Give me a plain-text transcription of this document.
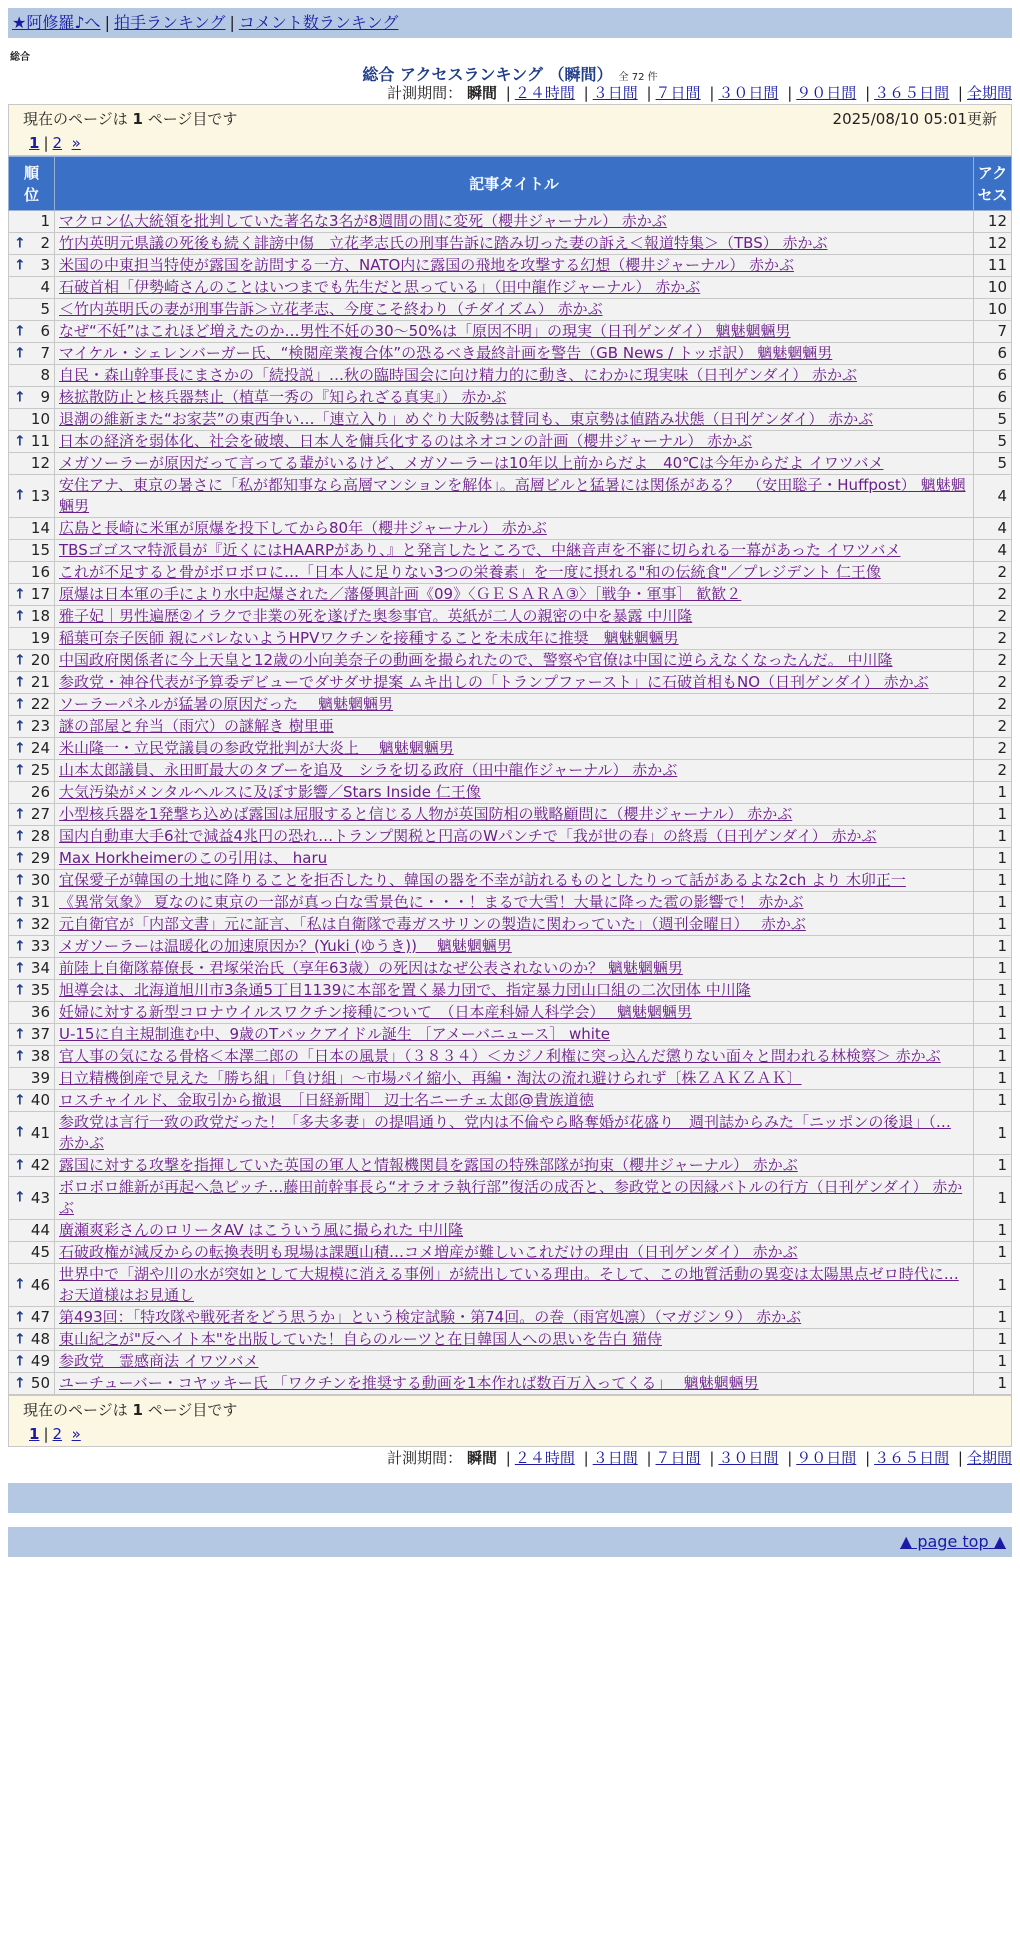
★阿修羅♪へ | 拍手ランキング | コメント数ランキング
総合
総合 アクセスランキング （瞬間） 全 72 件
計測期間： 瞬間 | ２４時間 | ３日間 | ７日間 | ３０日間 | ９０日間 | ３６５日間 | 全期間
現在のページは 1 ページ目です	2025/08/10 05:01更新
1 | 2 »
順位	記事タイトル	アクセス
1	マクロン仏大統領を批判していた著名な3名が8週間の間に変死（櫻井ジャーナル） 赤かぶ	12

↑ 2	竹内英明元県議の死後も続く誹謗中傷　立花孝志氏の刑事告訴に踏み切った妻の訴え＜報道特集＞（TBS） 赤かぶ	12

↑ 3	米国の中東担当特使が露国を訪問する一方、NATO内に露国の飛地を攻撃する幻想（櫻井ジャーナル） 赤かぶ	11
4	石破首相「伊勢崎さんのことはいつまでも先生だと思っている」（田中龍作ジャーナル） 赤かぶ	10
5	＜竹内英明氏の妻が刑事告訴＞立花孝志、今度こそ終わり（チダイズム） 赤かぶ	10

↑ 6	なぜ“不妊”はこれほど増えたのか…男性不妊の30〜50%は「原因不明」の現実（日刊ゲンダイ） 魑魅魍魎男	7

↑ 7	マイケル・シェレンバーガー氏、“検閲産業複合体”の恐るべき最終計画を警告（GB News / トッポ訳） 魑魅魍魎男	6
8	自民・森山幹事長にまさかの「続投説」…秋の臨時国会に向け精力的に動き、にわかに現実味（日刊ゲンダイ） 赤かぶ	6

↑ 9	核拡散防止と核兵器禁止（植草一秀の『知られざる真実』） 赤かぶ	6
10	退潮の維新また“お家芸”の東西争い…「連立入り」めぐり大阪勢は賛同も、東京勢は値踏み状態（日刊ゲンダイ） 赤かぶ	5

↑ 11	日本の経済を弱体化、社会を破壊、日本人を傭兵化するのはネオコンの計画（櫻井ジャーナル） 赤かぶ	5
12	メガソーラーが原因だって言ってる輩がいるけど、メガソーラーは10年以上前からだよ　40℃は今年からだよ イワツバメ	5

↑ 13	安住アナ、東京の暑さに「私が都知事なら高層マンションを解体」。高層ビルと猛暑には関係がある？　（安田聡子・Huffpost） 魑魅魍魎男	4
14	広島と長崎に米軍が原爆を投下してから80年（櫻井ジャーナル） 赤かぶ	4
15	TBSゴゴスマ特派員が『近くにはHAARPがあり、』と発言したところで、中継音声を不審に切られる一幕があった イワツバメ	4
16	これが不足すると骨がボロボロに…「日本人に足りない3つの栄養素」を一度に摂れる"和の伝統食"／プレジデント 仁王像	2

↑ 17	原爆は日本軍の手により水中起爆された／藩優興計画《09》〈ＧＥＳＡＲＡ③〉［戦争・軍事］ 歓歓２	2

↑ 18	雅子妃｜男性遍歴②イラクで非業の死を遂げた奥参事官。英紙が二人の親密の中を暴露 中川隆	2
19	稲葉可奈子医師 親にバレないようHPVワクチンを接種することを未成年に推奨　魑魅魍魎男	2

↑ 20	中国政府関係者に今上天皇と12歳の小向美奈子の動画を撮られたので、警察や官僚は中国に逆らえなくなったんだ。 中川隆	2

↑ 21	参政党・神谷代表が予算委デビューでダサダサ提案 ムキ出しの「トランプファースト」に石破首相もNO（日刊ゲンダイ） 赤かぶ	2

↑ 22	ソーラーパネルが猛暑の原因だった　 魑魅魍魎男	2

↑ 23	謎の部屋と弁当（雨穴）の謎解き 樹里亜	2

↑ 24	米山隆一・立民党議員の参政党批判が大炎上　 魑魅魍魎男	2

↑ 25	山本太郎議員、永田町最大のタブーを追及　シラを切る政府（田中龍作ジャーナル） 赤かぶ	2
26	大気汚染がメンタルヘルスに及ぼす影響／Stars Inside 仁王像	1

↑ 27	小型核兵器を1発撃ち込めば露国は屈服すると信じる人物が英国防相の戦略顧問に（櫻井ジャーナル） 赤かぶ	1

↑ 28	国内自動車大手6社で減益4兆円の恐れ…トランプ関税と円高のWパンチで「我が世の春」の終焉（日刊ゲンダイ） 赤かぶ	1

↑ 29	Max Horkheimerのこの引用は、 haru	1

↑ 30	宜保愛子が韓国の土地に降りることを拒否したり、韓国の器を不幸が訪れるものとしたりって話があるよな2ch より 木卯正一	1

↑ 31	《異常気象》 夏なのに東京の一部が真っ白な雪景色に・・・！まるで大雪！大量に降った雹の影響で！ 赤かぶ	1

↑ 32	元自衛官が「内部文書」元に証言、「私は自衛隊で毒ガスサリンの製造に関わっていた」（週刊金曜日）　 赤かぶ	1

↑ 33	メガソーラーは温暖化の加速原因か？(Yuki (ゆうき))　 魑魅魍魎男	1

↑ 34	前陸上自衛隊幕僚長・君塚栄治氏（享年63歳）の死因はなぜ公表されないのか？ 魑魅魍魎男	1

↑ 35	旭導会は、北海道旭川市3条通5丁目1139に本部を置く暴力団で、指定暴力団山口組の二次団体 中川隆	1
36	妊婦に対する新型コロナウイルスワクチン接種について　（日本産科婦人科学会）　 魑魅魍魎男	1

↑ 37	U-15に自主規制進む中、9歳のTバックアイドル誕生 ［アメーバニュース］ white	1

↑ 38	官人事の気になる骨格＜本澤二郎の「日本の風景」（３８３４）＜カジノ利権に突っ込んだ懲りない面々と問われる林検察＞ 赤かぶ	1
39	日立精機倒産で見えた「勝ち組」「負け組」〜市場パイ縮小、再編・淘汰の流れ避けられず〔株ＺＡＫＺＡＫ〕	1

↑ 40	ロスチャイルド、金取引から撤退　［日経新聞］ 辺士名ニーチェ太郎@貴族道徳	1

↑ 41	参政党は言行一致の政党だった！「多夫多妻」の提唱通り、党内は不倫やら略奪婚が花盛り　週刊誌からみた「ニッポンの後退」（… 赤かぶ	1

↑ 42	露国に対する攻撃を指揮していた英国の軍人と情報機関員を露国の特殊部隊が拘束（櫻井ジャーナル） 赤かぶ	1

↑ 43	ボロボロ維新が再起へ急ピッチ…藤田前幹事長ら“オラオラ執行部”復活の成否と、参政党との因縁バトルの行方（日刊ゲンダイ） 赤かぶ	1
44	廣瀬爽彩さんのロリータAV はこういう風に撮られた 中川隆	1
45	石破政権が減反からの転換表明も現場は課題山積…コメ増産が難しいこれだけの理由（日刊ゲンダイ） 赤かぶ	1

↑ 46	世界中で「湖や川の水が突如として大規模に消える事例」が続出している理由。そして、この地質活動の異変は太陽黒点ゼロ時代に… お天道様はお見通し	1

↑ 47	第493回：「特攻隊や戦死者をどう思うか」という検定試験・第74回。の巻（雨宮処凛）（マガジン９） 赤かぶ	1

↑ 48	東山紀之が"反ヘイト本"を出版していた！自らのルーツと在日韓国人への思いを告白 猫侍	1

↑ 49	参政党　霊感商法 イワツバメ	1

↑ 50	ユーチューバー・コヤッキー氏 「ワクチンを推奨する動画を1本作れば数百万入ってくる」　 魑魅魍魎男	1
現在のページは 1 ページ目です
1 | 2 »
計測期間： 瞬間 | ２４時間 | ３日間 | ７日間 | ３０日間 | ９０日間 | ３６５日間 | 全期間
▲ page top ▲
